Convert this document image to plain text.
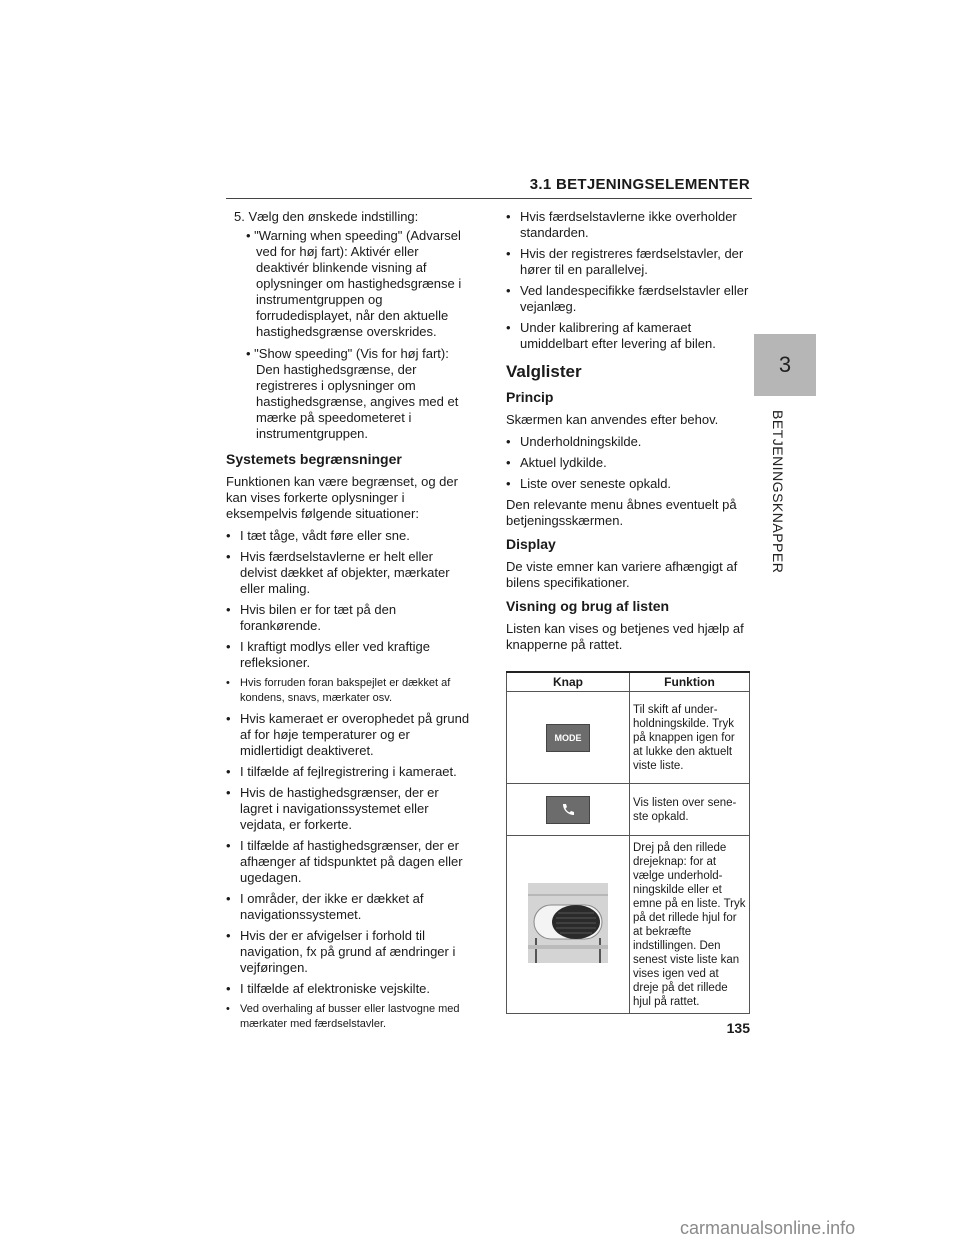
3.1 BETJENINGSELEMENTER
3
BETJENINGSKNAPPER

5. Vælg den ønskede indstilling:

• "Warning when speeding" (Advarsel ved for høj fart): Aktivér eller deaktivér blinkende visning af oplysninger om hastighedsgrænse i instrumentgruppen og forrudedisplayet, når den aktuelle hastighedsgrænse overskrides.

• "Show speeding" (Vis for høj fart): Den hastighedsgrænse, der registreres i oplysninger om hastighedsgrænse, angives med et mærke på speedometeret i instrumentgruppen.

Systemets begrænsninger

Funktionen kan være begrænset, og der kan vises forkerte oplysninger i eksempelvis følgende situationer:

• I tæt tåge, vådt føre eller sne.

• Hvis færdselstavlerne er helt eller delvist dækket af objekter, mærkater eller maling.

• Hvis bilen er for tæt på den forankørende.

• I kraftigt modlys eller ved kraftige refleksioner.

• Hvis forruden foran bakspejlet er dækket af kondens, snavs, mærkater osv.

• Hvis kameraet er overophedet på grund af for høje temperaturer og er midlertidigt deaktiveret.

• I tilfælde af fejlregistrering i kameraet.

• Hvis de hastighedsgrænser, der er lagret i navigationssystemet eller vejdata, er forkerte.

• I tilfælde af hastighedsgrænser, der er afhænger af tidspunktet på dagen eller ugedagen.

• I områder, der ikke er dækket af navigationssystemet.

• Hvis der er afvigelser i forhold til navigation, fx på grund af ændringer i vejføringen.

• I tilfælde af elektroniske vejskilte.

• Ved overhaling af busser eller lastvogne med mærkater med færdselstavler.

• Hvis færdselstavlerne ikke overholder standarden.

• Hvis der registreres færdselstavler, der hører til en parallelvej.

• Ved landespecifikke færdselstavler eller vejanlæg.

• Under kalibrering af kameraet umiddelbart efter levering af bilen.

Valglister
Princip

Skærmen kan anvendes efter behov.

• Underholdningskilde.

• Aktuel lydkilde.

• Liste over seneste opkald.

Den relevante menu åbnes eventuelt på betjeningsskærmen.

Display

De viste emner kan variere afhængigt af bilens specifikationer.

Visning og brug af listen

Listen kan vises og betjenes ved hjælp af knapperne på rattet.

Knap	Funktion
MODE	Til skift af under-holdningskilde. Tryk på knappen igen for at lukke den aktuelt viste liste.

	Vis listen over sene-ste opkald.
	Drej på den rillede drejeknap: for at vælge underhold-ningskilde eller et emne på en liste. Tryk på det rillede hjul for at bekræfte indstillingen. Den senest viste liste kan vises igen ved at dreje på det rillede hjul på rattet.
135
carmanualsonline.info
